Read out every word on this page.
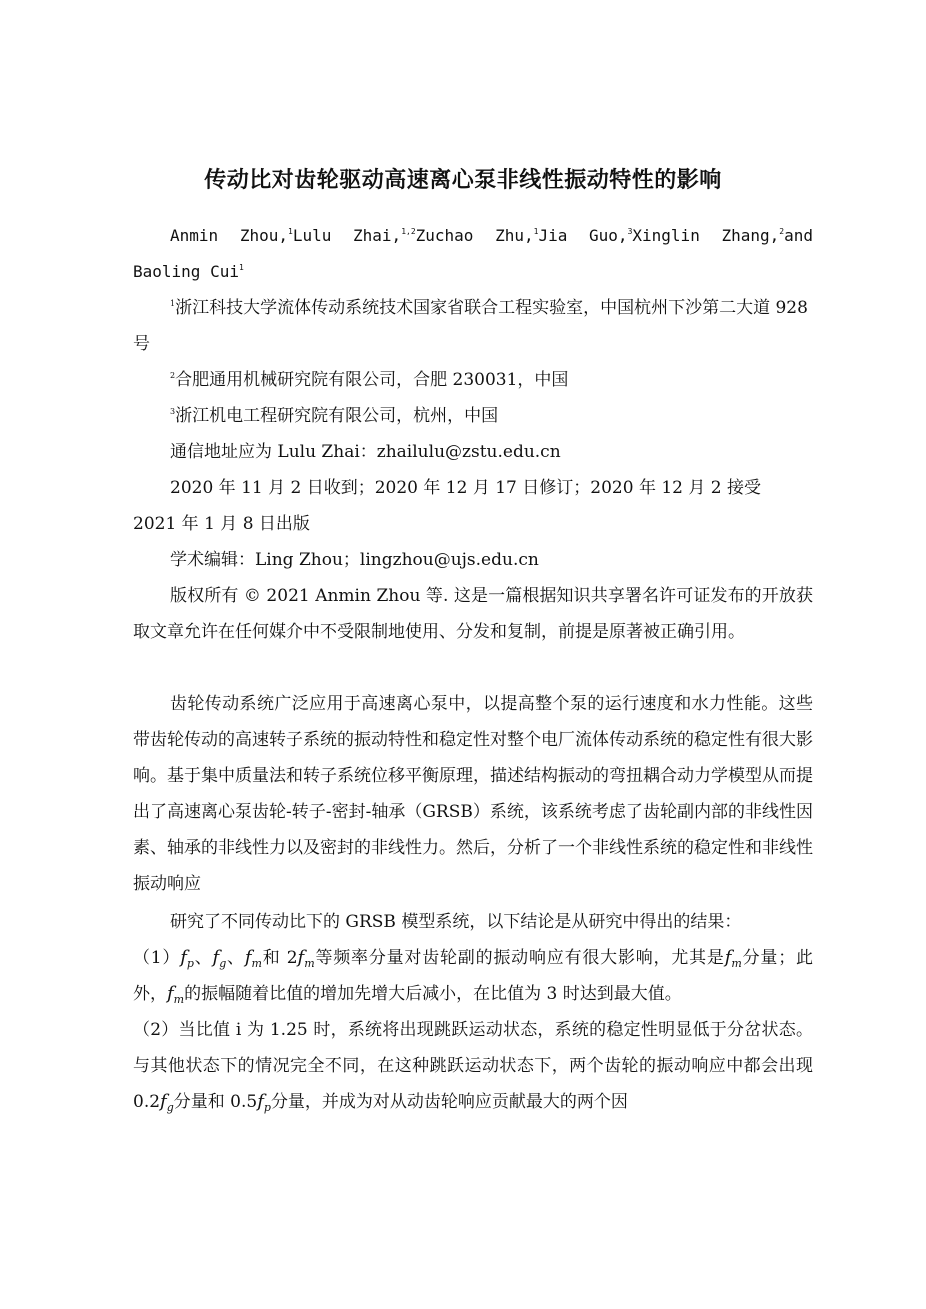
传动比对齿轮驱动高速离心泵非线性振动特性的影响
Anmin Zhou,$^1$Lulu Zhai,$^{1,2}$Zuchao Zhu,$^1$Jia Guo,$^3$Xinglin Zhang,$^2$and Baoling Cui$^1$
$^1$浙江科技大学流体传动系统技术国家省联合工程实验室，中国杭州下沙第二大道 928 号
$^2$合肥通用机械研究院有限公司，合肥 230031，中国
$^3$浙江机电工程研究院有限公司，杭州，中国
通信地址应为 Lulu Zhai：zhailulu@zstu.edu.cn
2020 年 11 月 2 日收到；2020 年 12 月 17 日修订；2020 年 12 月 2 接受　2021 年 1 月 8 日出版
学术编辑：Ling Zhou；lingzhou@ujs.edu.cn
版权所有 © 2021 Anmin Zhou 等. 这是一篇根据知识共享署名许可证发布的开放获取文章允许在任何媒介中不受限制地使用、分发和复制，前提是原著被正确引用。
齿轮传动系统广泛应用于高速离心泵中，以提高整个泵的运行速度和水力性能。这些带齿轮传动的高速转子系统的振动特性和稳定性对整个电厂流体传动系统的稳定性有很大影响。基于集中质量法和转子系统位移平衡原理，描述结构振动的弯扭耦合动力学模型从而提出了高速离心泵齿轮-转子-密封-轴承（GRSB）系统，该系统考虑了齿轮副内部的非线性因素、轴承的非线性力以及密封的非线性力。然后，分析了一个非线性系统的稳定性和非线性振动响应
研究了不同传动比下的 GRSB 模型系统，以下结论是从研究中得出的结果：
$(1)f_p$、$f_g$、$f_m$和 $2f_m$等频率分量对齿轮副的振动响应有很大影响，尤其是$f_m$分量；此外，$f_m$的振幅随着比值的增加先增大后减小，在比值为 3 时达到最大值。
（2）当比值 i 为 1.25 时，系统将出现跳跃运动状态，系统的稳定性明显低于分岔状态。与其他状态下的情况完全不同，在这种跳跃运动状态下，两个齿轮的振动响应中都会出现 $0.2f_g$分量和 $0.5f_p$分量，并成为对从动齿轮响应贡献最大的两个因
